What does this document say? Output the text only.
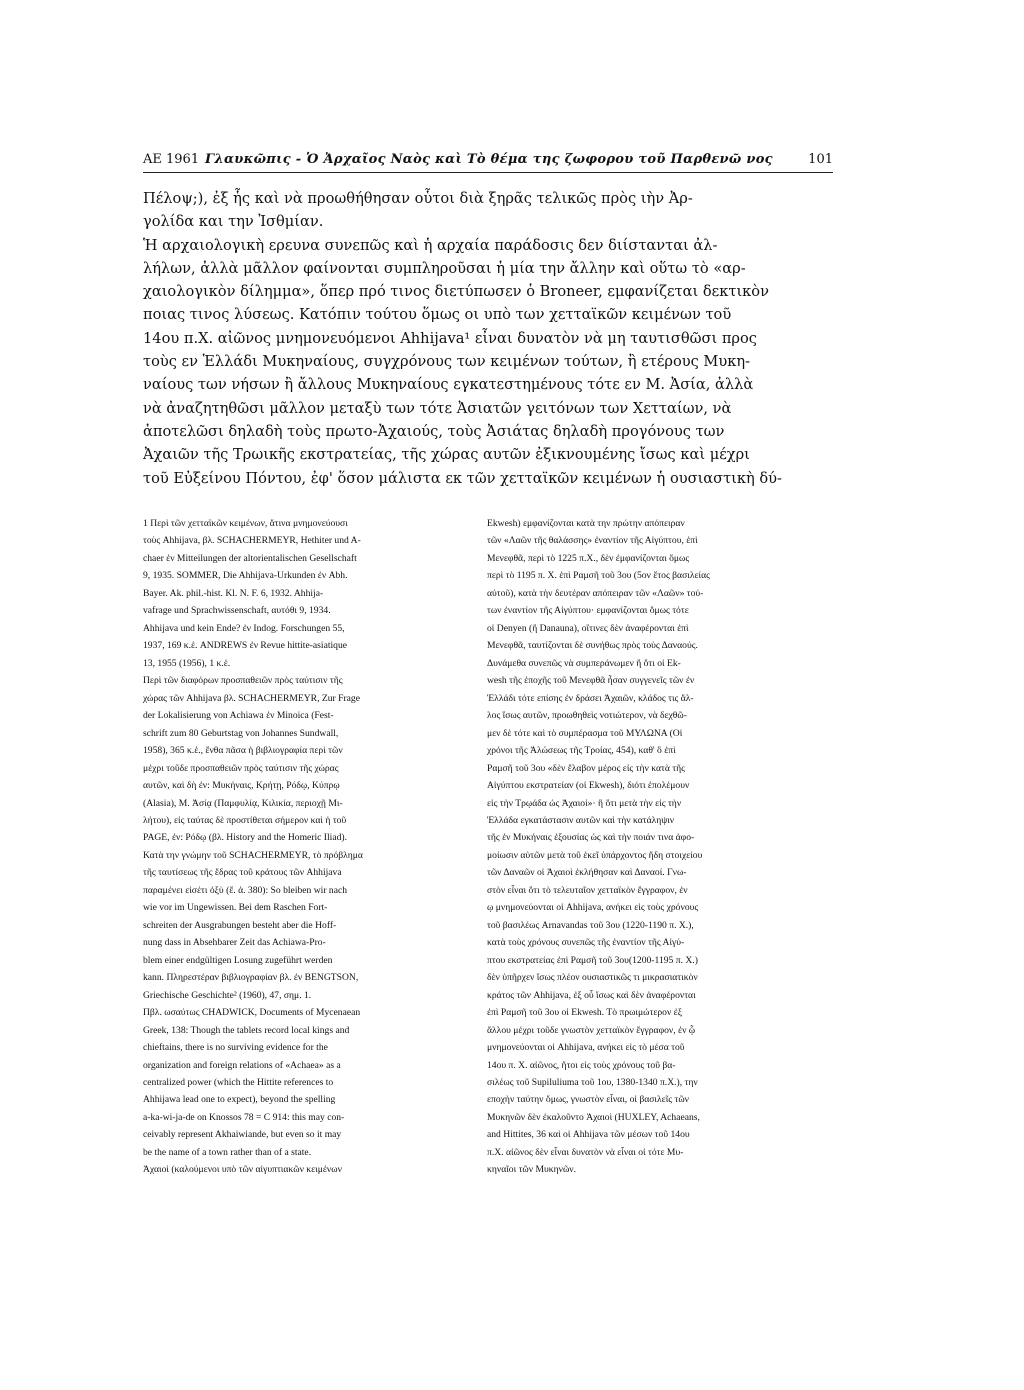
ΑΕ 1961 Γλαυκῶπις - Ὁ Ἀρχαῖος Ναὸς καὶ Τὸ θέμα της ζωφορου τοῦ Παρθενῶ νος	101
Πέλοψ;), ἐξ ἧς καὶ νὰ προωθήθησαν οὗτοι διὰ ξηρᾶς τελικῶς πρὸς ιὴν Ἀρ-
γολίδα και την Ἰσθμίαν.
Ἡ αρχαιολογικὴ ερευνα συνεπῶς καὶ ἡ αρχαία παράδοσις δεν διίστανται ἀλ-
λήλων, ἀλλὰ μᾶλλον φαίνονται συμπληροῦσαι ἡ μία την ἄλλην καὶ οὕτω τὸ «αρ-
χαιολογικὸν δίλημμα», ὅπερ πρό τινος διετύπωσεν ὁ Broneer, εμφανίζεται δεκτικὸν
ποιας τινος λύσεως. Κατόπιν τούτου ὅμως οι υπὸ των χετταϊκῶν κειμένων τοῦ
14ου π.Χ. αἰῶνος μνημονευόμενοι Ahhijava¹ εἶναι δυνατὸν νὰ μη ταυτισθῶσι προς
τοὺς εν Ἑλλάδι Μυκηναίους, συγχρόνους των κειμένων τούτων, ἢ ετέρους Μυκη-
ναίους των νήσων ἢ ἄλλους Μυκηναίους εγκατεστημένους τότε εν Μ. Ἀσία, ἀλλὰ
νὰ ἀναζητηθῶσι μᾶλλον μεταξὺ των τότε Ἀσιατῶν γειτόνων των Χετταίων, νὰ
ἀποτελῶσι δηλαδὴ τοὺς πρωτο-Ἀχαιούς, τοὺς Ἀσιάτας δηλαδὴ προγόνους των
Ἀχαιῶν τῆς Τρωικῆς εκστρατείας, τῆς χώρας αυτῶν ἐξικνουμένης ἴσως καὶ μέχρι
τοῦ Εὐξείνου Πόντου, ἐφ' ὅσον μάλιστα εκ τῶν χετταϊκῶν κειμένων ἡ ουσιαστικὴ δύ-
1 Περὶ τῶν χετταϊκῶν κειμένων, ἅτινα μνημονεύουσι
τοὺς Ahhijava, βλ. SCHACHERMEYR, Hethiter und A-
chaer ἐν Mitteilungen der altorientalischen Gesellschaft
9, 1935. SOMMER, Die Ahhijava-Urkunden ἐν Abh.
Bayer. Ak. phil.-hist. Kl. N. F. 6, 1932. Ahhija-
vafrage und Sprachwissenschaft, αυτόθι 9, 1934.
Ahhijava und kein Ende? ἐν Indog. Forschungen 55,
1937, 169 κ.ἑ. ANDREWS ἐν Revue hittite-asiatique
13, 1955 (1956), 1 κ.ἑ.
Περὶ τῶν διαφόρων προσπαθειῶν πρὸς ταύτισιν τῆς
χώρας τῶν Ahhijava βλ. SCHACHERMEYR, Zur Frage
der Lokalisierung von Achiawa ἐν Minoica (Fest-
schrift zum 80 Geburtstag von Johannes Sundwall,
1958), 365 κ.ἑ., ἔνθα πᾶσα ἡ βιβλιογραφία περὶ τῶν
μέχρι τοῦδε προσπαθειῶν πρὸς ταύτισιν τῆς χώρας
αυτῶν, καὶ δὴ ἐν: Μυκήναις, Κρήτῃ, Ρόδῳ, Κύπρῳ
(Alasia), Μ. Ἀσίᾳ (Παμφυλίᾳ, Κιλικία, περιοχῇ Μι-
λήτου), εἰς ταύτας δὲ προστίθεται σήμερον καὶ ἡ τοῦ
PAGE, ἐν: Ρόδῳ (βλ. History and the Homeric Iliad).
Κατὰ την γνώμην τοῦ SCHACHERMEYR, τὸ πρόβλημα
τῆς ταυτίσεως τῆς ἕδρας τοῦ κράτους τῶν Ahhijava
παραμένει εἰσέτι ὀξὺ (ἔ. ἀ. 380): So bleiben wir nach
wie vor im Ungewissen. Bei dem Raschen Fort-
schreiten der Ausgrabungen besteht aber die Hoff-
nung dass in Absehbarer Zeit das Achiawa-Pro-
blem einer endgültigen Losung zugeführt werden
kann. Πληρεστέραν βιβλιογραφίαν βλ. ἐν BENGTSON,
Griechische Geschichte² (1960), 47, σημ. 1.
Πβλ. ωσαύτως CHADWICK, Documents of Mycenaean
Greek, 138: Though the tablets record local kings and
chieftains, there is no surviving evidence for the
organization and foreign relations of «Achaea» as a
centralized power (which the Hittite references to
Ahhijawa lead one to expect), beyond the spelling
a-ka-wi-ja-de on Knossos 78 = C 914: this may con-
ceivably represent Akhaiwiande, but even so it may
be the name of a town rather than of a state.
Ἀχαιοὶ (καλούμενοι υπὸ τῶν αἰγυπτιακῶν κειμένων
Ekwesh) εμφανίζονται κατὰ την πρώτην απόπειραν
τῶν «Λαῶν τῆς θαλάσσης» ἐναντίον τῆς Αἰγύπτου, ἐπὶ
Μενεφθᾶ, περὶ τὸ 1225 π.Χ., δὲν ἐμφανίζονται ὅμως
περὶ τὸ 1195 π. Χ. ἐπὶ Ραμσῆ τοῦ 3ου (5ον ἔτος βασιλείας
αὐτοῦ), κατὰ τὴν δευτέραν απόπειραν τῶν «Λαῶν» τού-
των ἐναντίον τῆς Αἰγύπτου· εμφανίζονται ὅμως τότε
οἱ Denyen (ἢ Danauna), οἵτινες δὲν ἀναφέρονται ἐπὶ
Μενεφθᾶ, ταυτίζονται δὲ συνήθως πρὸς τοὺς Δαναούς.
Δυνάμεθα συνεπῶς νὰ συμπεράνωμεν ἢ ὅτι οἱ Ek-
wesh τῆς ἐποχῆς τοῦ Μενεφθᾶ ἦσαν συγγενεῖς τῶν ἐν
Ἑλλάδι τότε επίσης ἐν δράσει Ἀχαιῶν, κλάδος τις ἄλ-
λος ἴσως αυτῶν, προωθηθεὶς νοτιώτερον, νὰ δεχθῶ-
μεν δὲ τότε καὶ τὸ συμπέρασμα τοῦ ΜΥΛΩΝΑ (Οἱ
χρόνοι τῆς Ἁλώσεως τῆς Τροίας, 454), καθ' ὃ ἐπὶ
Ραμσῆ τοῦ 3ου «δὲν ἔλαβον μέρος εἰς τὴν κατὰ τῆς
Αἰγύπτου εκστρατείαν (οἱ Ekwesh), διότι ἐπολέμουν
εἰς τὴν Τρῳάδα ὡς Ἀχαιοί»· ἢ ὅτι μετὰ τὴν εἰς τὴν
Ἑλλάδα εγκατάστασιν αυτῶν καὶ τὴν κατάληψιν
τῆς ἐν Μυκήναις ἐξουσίας ὡς καὶ τὴν ποιάν τινα ἀφο-
μοίωσιν αὐτῶν μετὰ τοῦ ἐκεῖ ὑπάρχοντος ἤδη στοιχείου
τῶν Δαναῶν οἱ Ἀχαιοὶ ἐκλήθησαν καὶ Δαναοί. Γνω-
στὸν εἶναι ὅτι τὸ τελευταῖον χετταϊκὸν ἔγγραφον, ἐν
ῳ μνημονεύονται οἱ Ahhijava, ανήκει εἰς τοὺς χρόνους
τοῦ βασιλέως Arnavandas τοῦ 3ου (1220-1190 π. Χ.),
κατὰ τοὺς χρόνους συνεπῶς τῆς ἐναντίον τῆς Αἰγύ-
πτου εκστρατείας ἐπὶ Ραμσῆ τοῦ 3ου(1200-1195 π. Χ.)
δὲν ὑπῆρχεν ἴσως πλέον ουσιαστικῶς τι μικρασιατικὸν
κράτος τῶν Ahhijava, ἐξ οὗ ἴσως καὶ δὲν ἀναφέρονται
ἐπὶ Ραμσῆ τοῦ 3ου οἱ Ekwesh. Τὸ πρωιμώτερον ἐξ
ἄλλου μέχρι τοῦδε γνωστὸν χετταϊκὸν ἔγγραφον, ἐν ᾧ
μνημονεύονται οἱ Ahhijava, ανήκει εἰς τὸ μέσα τοῦ
14ου π. Χ. αἰῶνος, ἤτοι εἰς τοὺς χρόνους τοῦ βα-
σιλέως τοῦ Supiluliuma τοῦ 1ου, 1380-1340 π.Χ.), την
εποχὴν ταύτην ὅμως, γνωστὸν εἶναι, οἱ βασιλεῖς τῶν
Μυκηνῶν δὲν ἐκαλοῦντο Ἀχαιοὶ (HUXLEY, Achaeans,
and Hittites, 36 καὶ οἱ Ahhijava τῶν μέσων τοῦ 14ου
π.Χ. αἰῶνος δὲν εἶναι δυνατὸν νὰ εἶναι οἱ τότε Μυ-
κηναῖοι τῶν Μυκηνῶν.
